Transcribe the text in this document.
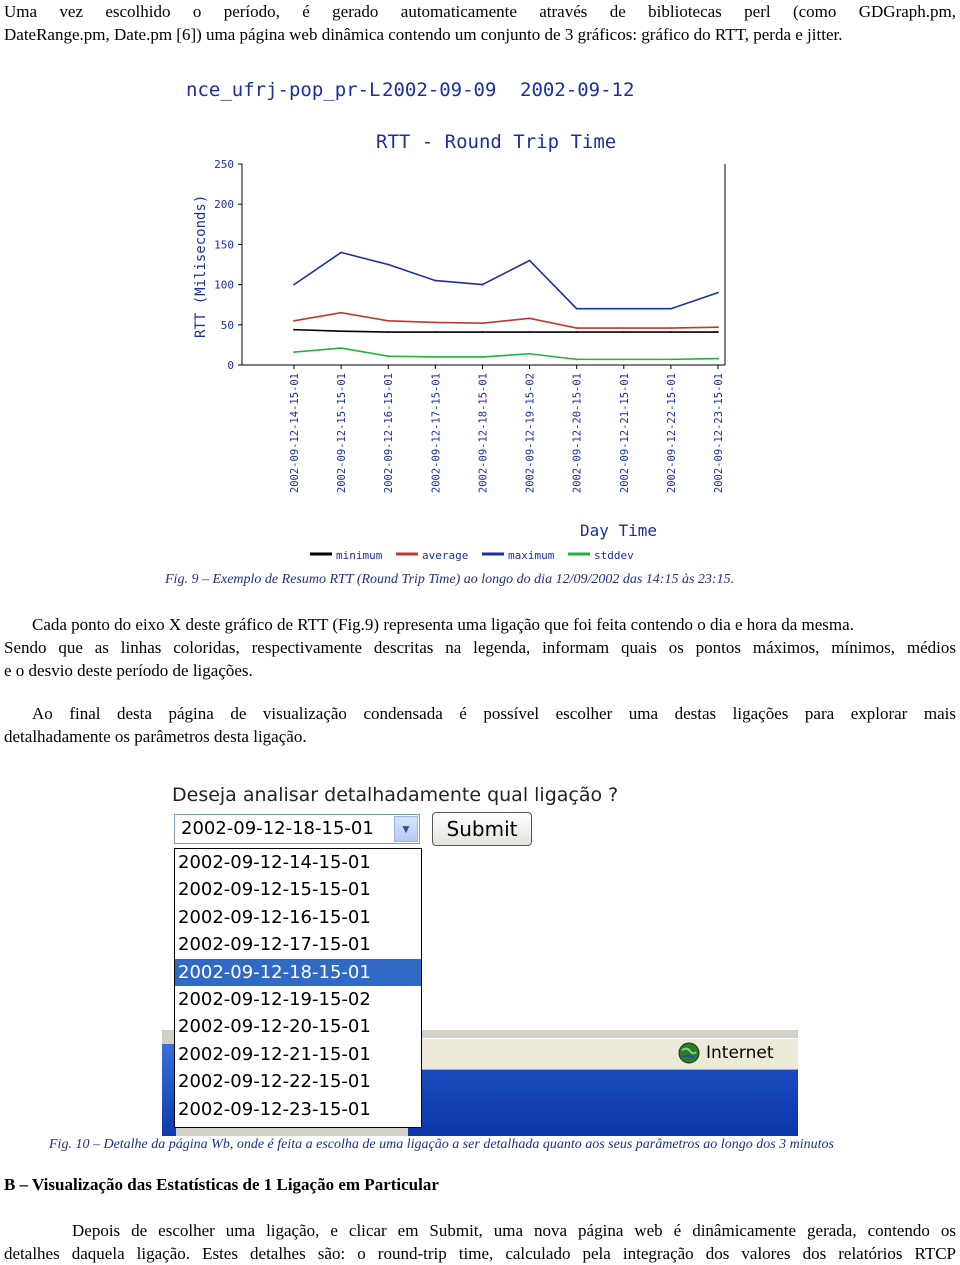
Uma vez escolhido o período, é gerado automaticamente através de bibliotecas perl (como GDGraph.pm,
DateRange.pm, Date.pm [6]) uma página web dinâmica contendo um conjunto de 3 gráficos: gráfico do RTT, perda e jitter.

nce_ufrj-pop_pr-L 2002-09-09 2002-09-12
RTT - Round Trip Time
RTT (Miliseconds)
Day Time
0
50
100
150
200
250
2002-09-12-14-15-01	2002-09-12-15-15-01	2002-09-12-16-15-01	2002-09-12-17-15-01	2002-09-12-18-15-01	2002-09-12-19-15-02	2002-09-12-20-15-01	2002-09-12-21-15-01	2002-09-12-22-15-01	2002-09-12-23-15-01
minimum	average	maximum	stddev
Fig. 9 – Exemplo de Resumo RTT (Round Trip Time) ao longo do dia 12/09/2002 das 14:15 às 23:15.

Cada ponto do eixo X deste gráfico de RTT (Fig.9) representa uma ligação que foi feita contendo o dia e hora da mesma.
Sendo que as linhas coloridas, respectivamente descritas na legenda, informam quais os pontos máximos, mínimos, médios
e o desvio deste período de ligações.

Ao final desta página de visualização condensada é possível escolher uma destas ligações para explorar mais
detalhadamente os parâmetros desta ligação.

Internet
Deseja analisar detalhadamente qual ligação ?
2002-09-12-18-15-01	▼	Submit
2002-09-12-14-15-01
2002-09-12-15-15-01
2002-09-12-16-15-01
2002-09-12-17-15-01
2002-09-12-18-15-01
2002-09-12-19-15-02
2002-09-12-20-15-01
2002-09-12-21-15-01
2002-09-12-22-15-01
2002-09-12-23-15-01
Fig. 10 – Detalhe da página Wb, onde é feita a escolha de uma ligação a ser detalhada quanto aos seus parâmetros ao longo dos 3 minutos
B – Visualização das Estatísticas de 1 Ligação em Particular

Depois de escolher uma ligação, e clicar em Submit, uma nova página web é dinâmicamente gerada, contendo os
detalhes daquela ligação. Estes detalhes são: o round-trip time, calculado pela integração dos valores dos relatórios RTCP
